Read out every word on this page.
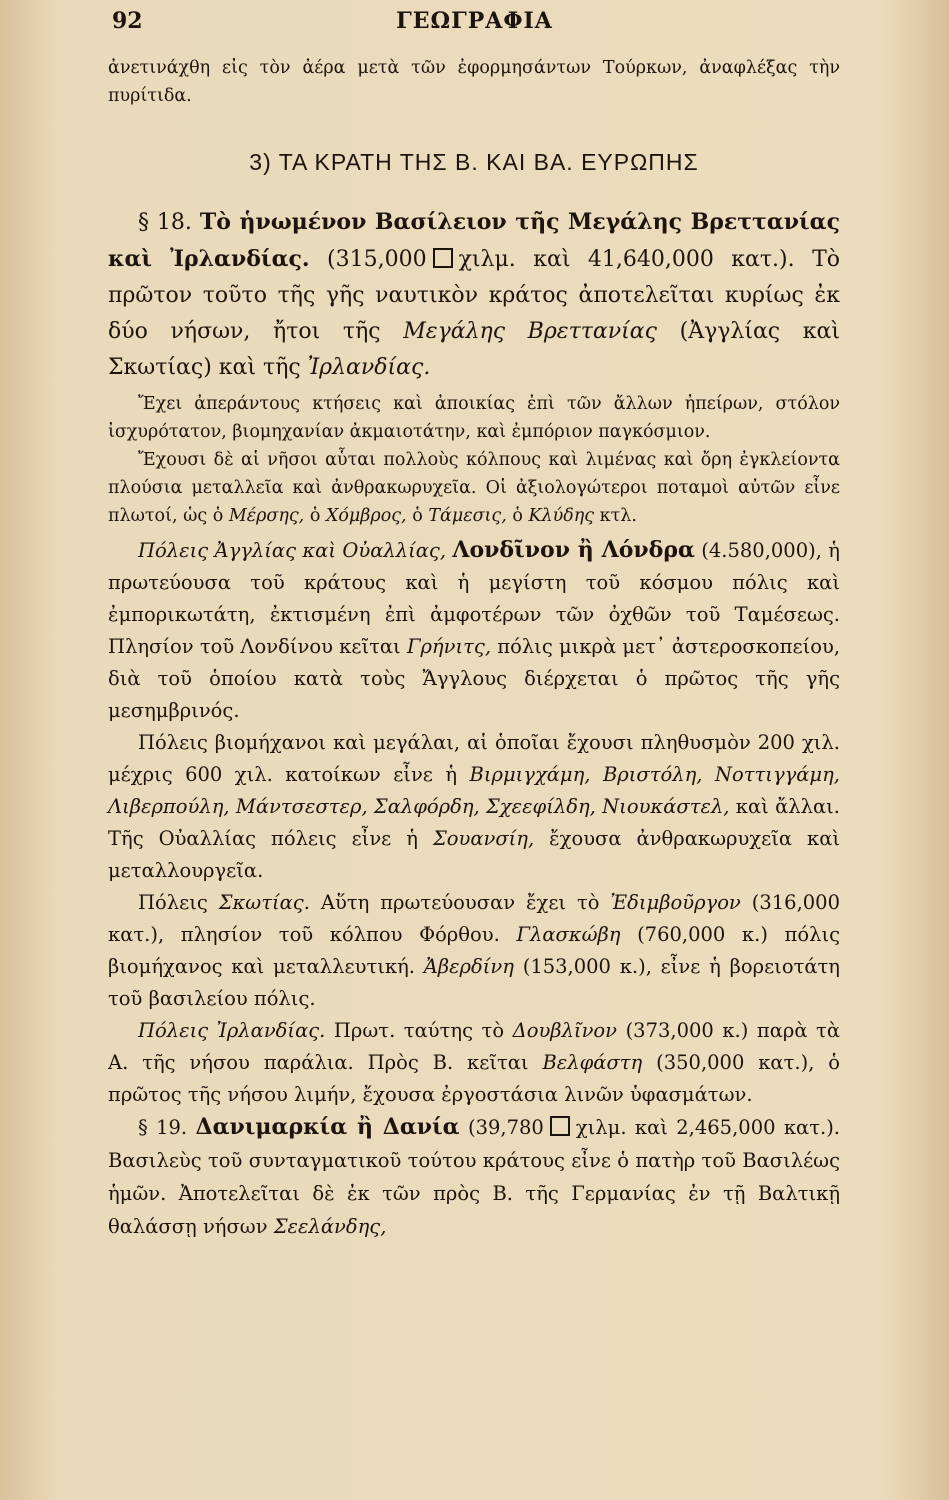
92	ΓΕΩΓΡΑΦΙΑ

ἀνετινάχθη εἰς τὸν ἀέρα μετὰ τῶν ἐφορμησάντων Τούρκων, ἀναφλέξας τὴν πυρίτιδα.

3) ΤΑ ΚΡΑΤΗ ΤΗΣ Β. ΚΑΙ ΒΑ. ΕΥΡΩΠΗΣ

§ 18. Τὸ ἡνωμένον Βασίλειον τῆς Μεγάλης Βρεττανίας καὶ Ἰρλανδίας. (315,000 χιλμ. καὶ 41,640,000 κατ.). Τὸ πρῶτον τοῦτο τῆς γῆς ναυτικὸν κράτος ἀποτελεῖται κυρίως ἐκ δύο νήσων, ἤτοι τῆς Μεγάλης Βρεττανίας (Ἀγγλίας καὶ Σκωτίας) καὶ τῆς Ἰρλανδίας.

Ἔχει ἀπεράντους κτήσεις καὶ ἀποικίας ἐπὶ τῶν ἄλλων ἠπείρων, στόλον ἰσχυρότατον, βιομηχανίαν ἀκμαιοτάτην, καὶ ἐμπόριον παγκόσμιον.

Ἔχουσι δὲ αἱ νῆσοι αὗται πολλοὺς κόλπους καὶ λιμένας καὶ ὄρη ἐγκλείοντα πλούσια μεταλλεῖα καὶ ἀνθρακωρυχεῖα. Οἱ ἀξιολογώτεροι ποταμοὶ αὐτῶν εἶνε πλωτοί, ὡς ὁ Μέρσης, ὁ Χόμβρος, ὁ Τάμεσις, ὁ Κλύδης κτλ.

Πόλεις Ἀγγλίας καὶ Οὐαλλίας, Λονδῖνον ἢ Λόνδρα (4.580,000), ἡ πρωτεύουσα τοῦ κράτους καὶ ἡ μεγίστη τοῦ κόσμου πόλις καὶ ἐμπορικωτάτη, ἐκτισμένη ἐπὶ ἀμφοτέρων τῶν ὀχθῶν τοῦ Ταμέσεως. Πλησίον τοῦ Λονδίνου κεῖται Γρήνιτς, πόλις μικρὰ μετ᾽ ἀστεροσκοπείου, διὰ τοῦ ὁποίου κατὰ τοὺς Ἄγγλους διέρχεται ὁ πρῶτος τῆς γῆς μεσημβρινός.

Πόλεις βιομήχανοι καὶ μεγάλαι, αἱ ὁποῖαι ἔχουσι πληθυσμὸν 200 χιλ. μέχρις 600 χιλ. κατοίκων εἶνε ἡ Βιρμιγχάμη, Βριστόλη, Νοττιγγάμη, Λιβερπούλη, Μάντσεστερ, Σαλφόρδη, Σχεεφίλδη, Νιουκάστελ, καὶ ἄλλαι. Τῆς Οὐαλλίας πόλεις εἶνε ἡ Σουανσίη, ἔχουσα ἀνθρακωρυχεῖα καὶ μεταλλουργεῖα.

Πόλεις Σκωτίας. Αὕτη πρωτεύουσαν ἔχει τὸ Ἐδιμβοῦργον (316,000 κατ.), πλησίον τοῦ κόλπου Φόρθου. Γλασκώβη (760,000 κ.) πόλις βιομήχανος καὶ μεταλλευτική. Ἀβερδίνη (153,000 κ.), εἶνε ἡ βορειοτάτη τοῦ βασιλείου πόλις.

Πόλεις Ἰρλανδίας. Πρωτ. ταύτης τὸ Δουβλῖνον (373,000 κ.) παρὰ τὰ Α. τῆς νήσου παράλια. Πρὸς Β. κεῖται Βελφάστη (350,000 κατ.), ὁ πρῶτος τῆς νήσου λιμήν, ἔχουσα ἐργοστάσια λινῶν ὑφασμάτων.

§ 19. Δανιμαρκία ἢ Δανία (39,780 χιλμ. καὶ 2,465,000 κατ.). Βασιλεὺς τοῦ συνταγματικοῦ τούτου κράτους εἶνε ὁ πατὴρ τοῦ Βασιλέως ἡμῶν. Ἀποτελεῖται δὲ ἐκ τῶν πρὸς Β. τῆς Γερμανίας ἐν τῇ Βαλτικῇ θαλάσσῃ νήσων Σεελάνδης,
